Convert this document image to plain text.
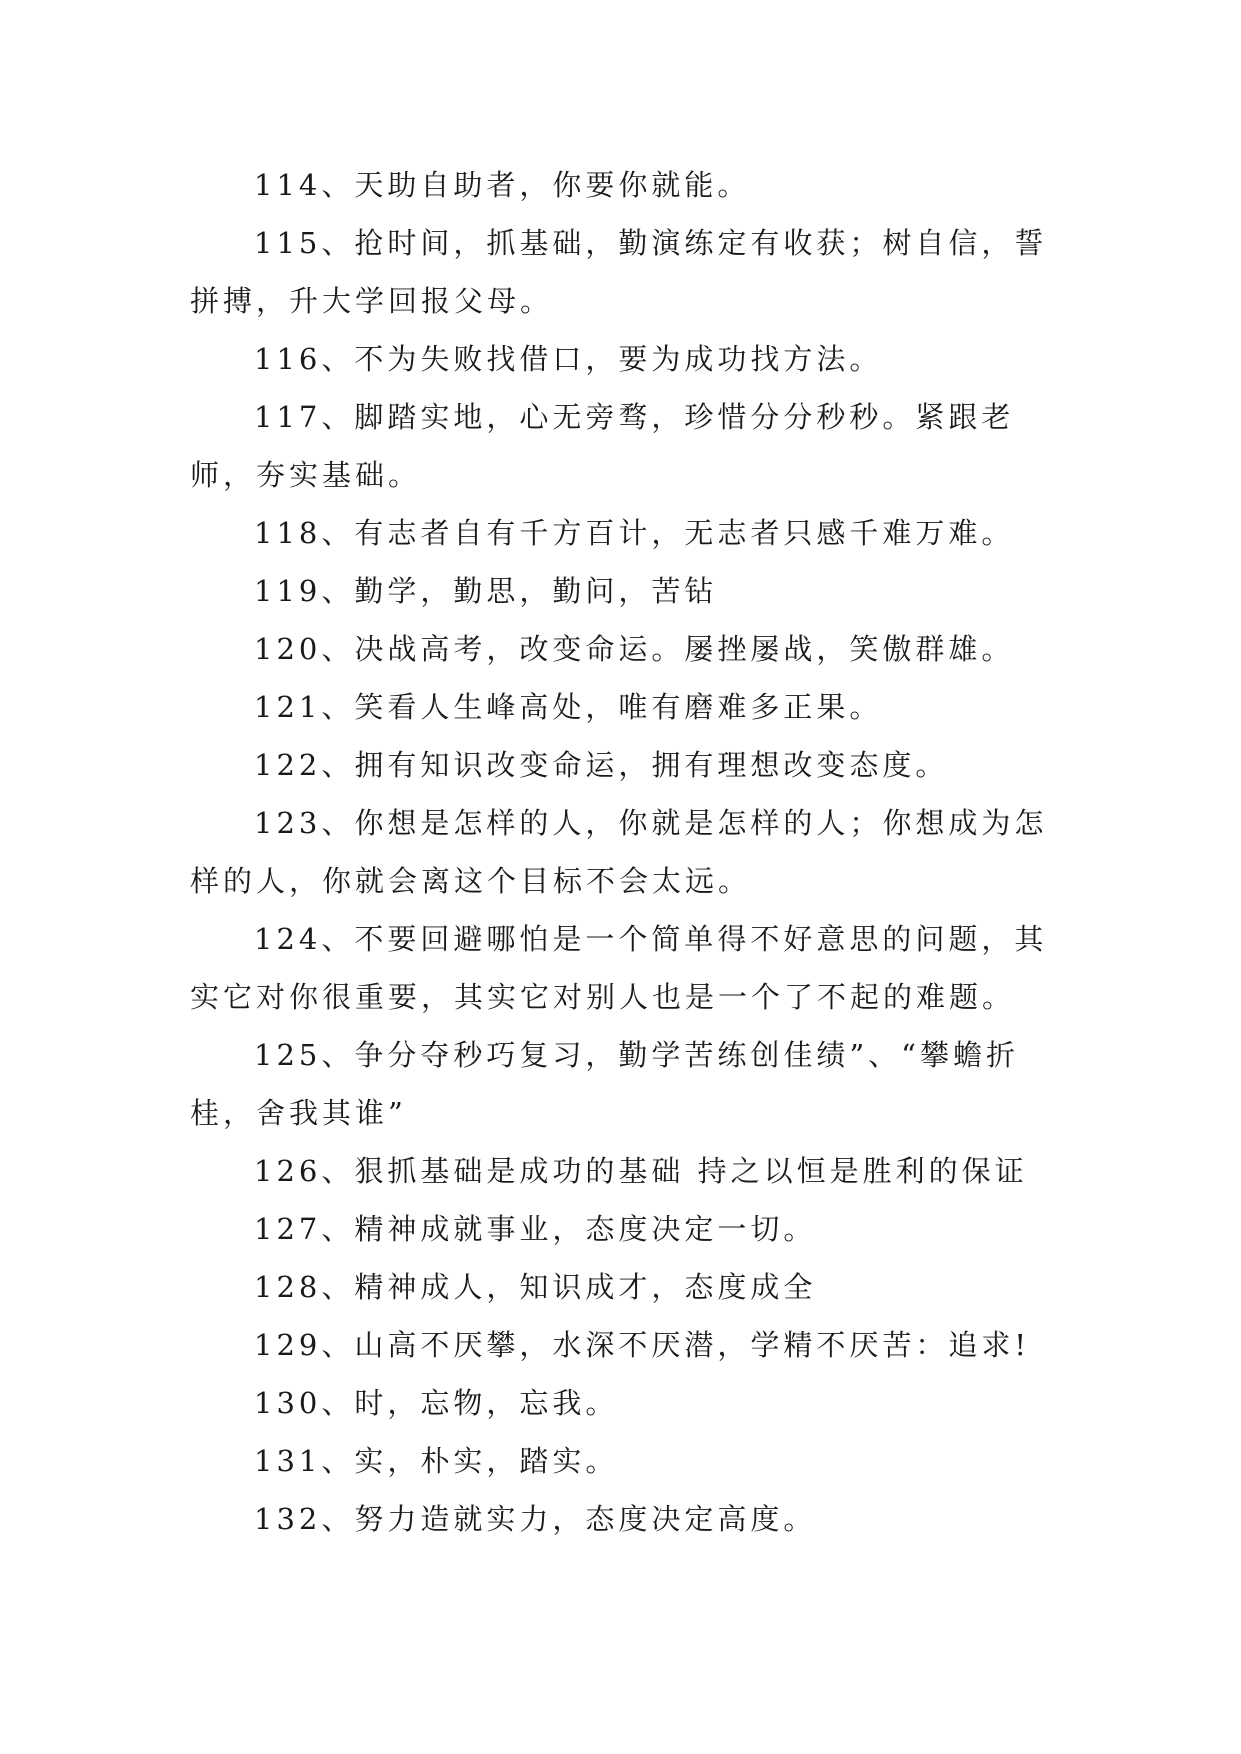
114、天助自助者，你要你就能。

115、抢时间，抓基础，勤演练定有收获；树自信，誓拼搏，升大学回报父母。

116、不为失败找借口，要为成功找方法。

117、脚踏实地，心无旁骛，珍惜分分秒秒。紧跟老师，夯实基础。

118、有志者自有千方百计，无志者只感千难万难。

119、勤学，勤思，勤问，苦钻

120、决战高考，改变命运。屡挫屡战，笑傲群雄。

121、笑看人生峰高处，唯有磨难多正果。

122、拥有知识改变命运，拥有理想改变态度。

123、你想是怎样的人，你就是怎样的人；你想成为怎样的人，你就会离这个目标不会太远。

124、不要回避哪怕是一个简单得不好意思的问题，其实它对你很重要，其实它对别人也是一个了不起的难题。

125、争分夺秒巧复习，勤学苦练创佳绩”、“攀蟾折桂，舍我其谁”

126、狠抓基础是成功的基础 持之以恒是胜利的保证

127、精神成就事业，态度决定一切。

128、精神成人，知识成才，态度成全

129、山高不厌攀，水深不厌潜，学精不厌苦：追求!

130、时，忘物，忘我。

131、实，朴实，踏实。

132、努力造就实力，态度决定高度。
